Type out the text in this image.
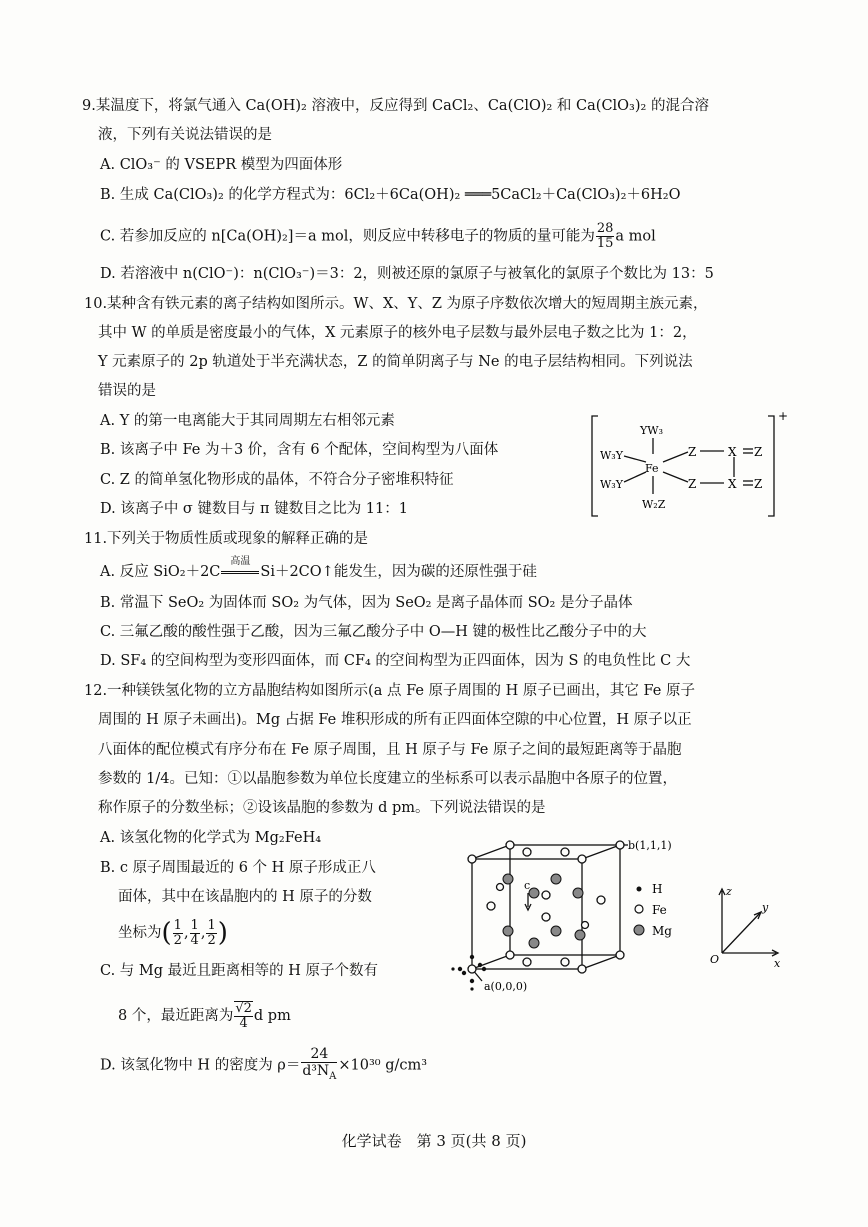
9.某温度下，将氯气通入 Ca(OH)₂ 溶液中，反应得到 CaCl₂、Ca(ClO)₂ 和 Ca(ClO₃)₂ 的混合溶
液，下列有关说法错误的是
A. ClO₃⁻ 的 VSEPR 模型为四面体形
B. 生成 Ca(ClO₃)₂ 的化学方程式为：6Cl₂＋6Ca(OH)₂ ═══5CaCl₂＋Ca(ClO₃)₂＋6H₂O
C. 若参加反应的 n[Ca(OH)₂]＝a mol，则反应中转移电子的物质的量可能为 $\frac{28}{15}$ a mol
D. 若溶液中 n(ClO⁻)：n(ClO₃⁻)＝3：2，则被还原的氯原子与被氧化的氯原子个数比为 13：5
10.某种含有铁元素的离子结构如图所示。W、X、Y、Z 为原子序数依次增大的短周期主族元素，
其中 W 的单质是密度最小的气体，X 元素原子的核外电子层数与最外层电子数之比为 1：2，
Y 元素原子的 2p 轨道处于半充满状态，Z 的简单阴离子与 Ne 的电子层结构相同。下列说法
错误的是
A. Y 的第一电离能大于其同周期左右相邻元素
B. 该离子中 Fe 为＋3 价，含有 6 个配体，空间构型为八面体
C. Z 的简单氢化物形成的晶体，不符合分子密堆积特征
D. 该离子中 σ 键数目与 π 键数目之比为 11：1
YW₃
W₃Y
W₃Y
Fe
W₂Z
Z	X Z
Z	X Z
+
11.下列关于物质性质或现象的解释正确的是
A. 反应 SiO₂＋2C
高温
Si＋2CO↑能发生，因为碳的还原性强于硅
B. 常温下 SeO₂ 为固体而 SO₂ 为气体，因为 SeO₂ 是离子晶体而 SO₂ 是分子晶体
C. 三氟乙酸的酸性强于乙酸，因为三氟乙酸分子中 O—H 键的极性比乙酸分子中的大
D. SF₄ 的空间构型为变形四面体，而 CF₄ 的空间构型为正四面体，因为 S 的电负性比 C 大
12.一种镁铁氢化物的立方晶胞结构如图所示(a 点 Fe 原子周围的 H 原子已画出，其它 Fe 原子
周围的 H 原子未画出)。Mg 占据 Fe 堆积形成的所有正四面体空隙的中心位置，H 原子以正
八面体的配位模式有序分布在 Fe 原子周围，且 H 原子与 Fe 原子之间的最短距离等于晶胞
参数的 1/4。已知：①以晶胞参数为单位长度建立的坐标系可以表示晶胞中各原子的位置，
称作原子的分数坐标；②设该晶胞的参数为 d pm。下列说法错误的是
A. 该氢化物的化学式为 Mg₂FeH₄
B. c 原子周围最近的 6 个 H 原子形成正八
面体，其中在该晶胞内的 H 原子的分数
坐标为( $\frac{1}{2}$ , $\frac{1}{4}$ , $\frac{1}{2}$ )
C. 与 Mg 最近且距离相等的 H 原子个数有
8 个，最近距离为 $\frac{√2}{4}$ d pm
D. 该氢化物中 H 的密度为 $\rho= \frac{24}{d^3N_A} \times 10^{30}$ g/cm³
H
Fe
Mg
b(1,1,1)
a(0,0,0)
c	z
y
x
O
化学试卷　第 3 页(共 8 页)
